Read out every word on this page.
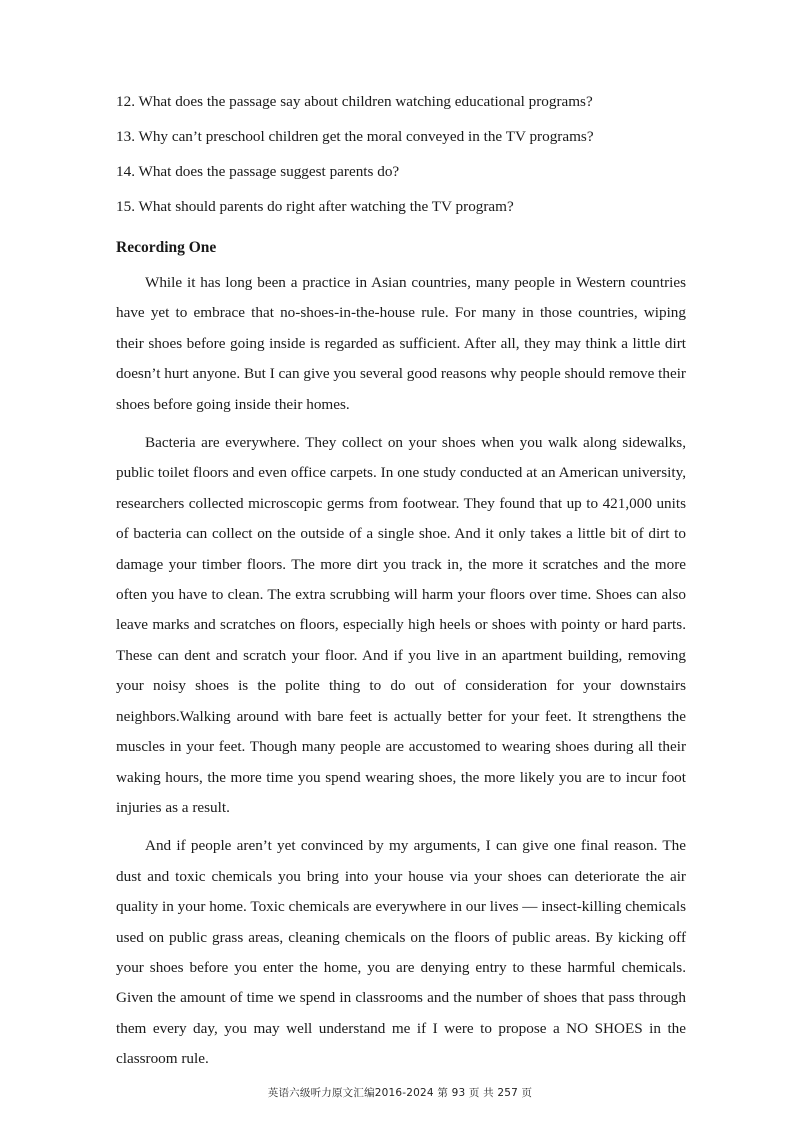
12. What does the passage say about children watching educational programs?
13. Why can’t preschool children get the moral conveyed in the TV programs?
14. What does the passage suggest parents do?
15. What should parents do right after watching the TV program?
Recording One

While it has long been a practice in Asian countries, many people in Western countries have yet to embrace that no-shoes-in-the-house rule. For many in those countries, wiping their shoes before going inside is regarded as sufficient. After all, they may think a little dirt doesn’t hurt anyone. But I can give you several good reasons why people should remove their shoes before going inside their homes.

Bacteria are everywhere. They collect on your shoes when you walk along sidewalks, public toilet floors and even office carpets. In one study conducted at an American university, researchers collected microscopic germs from footwear. They found that up to 421,000 units of bacteria can collect on the outside of a single shoe. And it only takes a little bit of dirt to damage your timber floors. The more dirt you track in, the more it scratches and the more often you have to clean. The extra scrubbing will harm your floors over time. Shoes can also leave marks and scratches on floors, especially high heels or shoes with pointy or hard parts. These can dent and scratch your floor. And if you live in an apartment building, removing your noisy shoes is the polite thing to do out of consideration for your downstairs neighbors.Walking around with bare feet is actually better for your feet. It strengthens the muscles in your feet. Though many people are accustomed to wearing shoes during all their waking hours, the more time you spend wearing shoes, the more likely you are to incur foot injuries as a result.

And if people aren’t yet convinced by my arguments, I can give one final reason. The dust and toxic chemicals you bring into your house via your shoes can deteriorate the air quality in your home. Toxic chemicals are everywhere in our lives — insect-killing chemicals used on public grass areas, cleaning chemicals on the floors of public areas. By kicking off your shoes before you enter the home, you are denying entry to these harmful chemicals. Given the amount of time we spend in classrooms and the number of shoes that pass through them every day, you may well understand me if I were to propose a NO SHOES in the classroom rule.

英语六级听力原文汇编2016-2024 第 93 页 共 257 页
